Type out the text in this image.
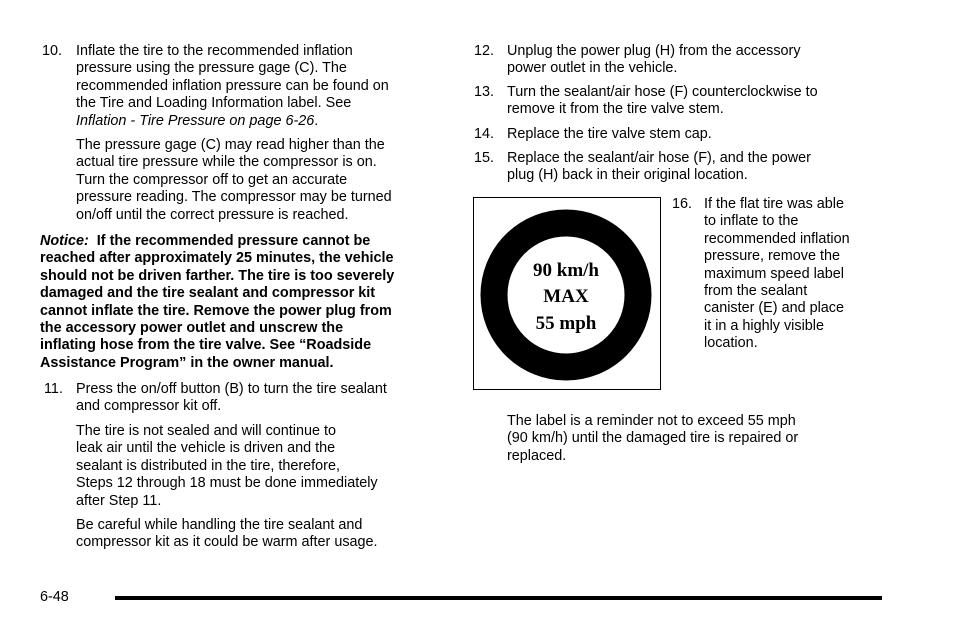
10. Inflate the tire to the recommended inflation

pressure using the pressure gage (C). The

recommended inflation pressure can be found on

the Tire and Loading Information label. See

Inflation - Tire Pressure on page 6-26.

The pressure gage (C) may read higher than the

actual tire pressure while the compressor is on.

Turn the compressor off to get an accurate

pressure reading. The compressor may be turned

on/off until the correct pressure is reached.

Notice: If the recommended pressure cannot be

reached after approximately 25 minutes, the vehicle

should not be driven farther. The tire is too severely

damaged and the tire sealant and compressor kit

cannot inflate the tire. Remove the power plug from

the accessory power outlet and unscrew the

inflating hose from the tire valve. See “Roadside

Assistance Program” in the owner manual.

11. Press the on/off button (B) to turn the tire sealant

and compressor kit off.

The tire is not sealed and will continue to

leak air until the vehicle is driven and the

sealant is distributed in the tire, therefore,

Steps 12 through 18 must be done immediately

after Step 11.

Be careful while handling the tire sealant and

compressor kit as it could be warm after usage.

12. Unplug the power plug (H) from the accessory

power outlet in the vehicle.

13. Turn the sealant/air hose (F) counterclockwise to

remove it from the tire valve stem.

14. Replace the tire valve stem cap.

15. Replace the sealant/air hose (F), and the power

plug (H) back in their original location.

90 km/h
MAX
55 mph
16. If the flat tire was able

to inflate to the

recommended inflation

pressure, remove the

maximum speed label

from the sealant

canister (E) and place

it in a highly visible

location.

The label is a reminder not to exceed 55 mph

(90 km/h) until the damaged tire is repaired or

replaced.

6-48
